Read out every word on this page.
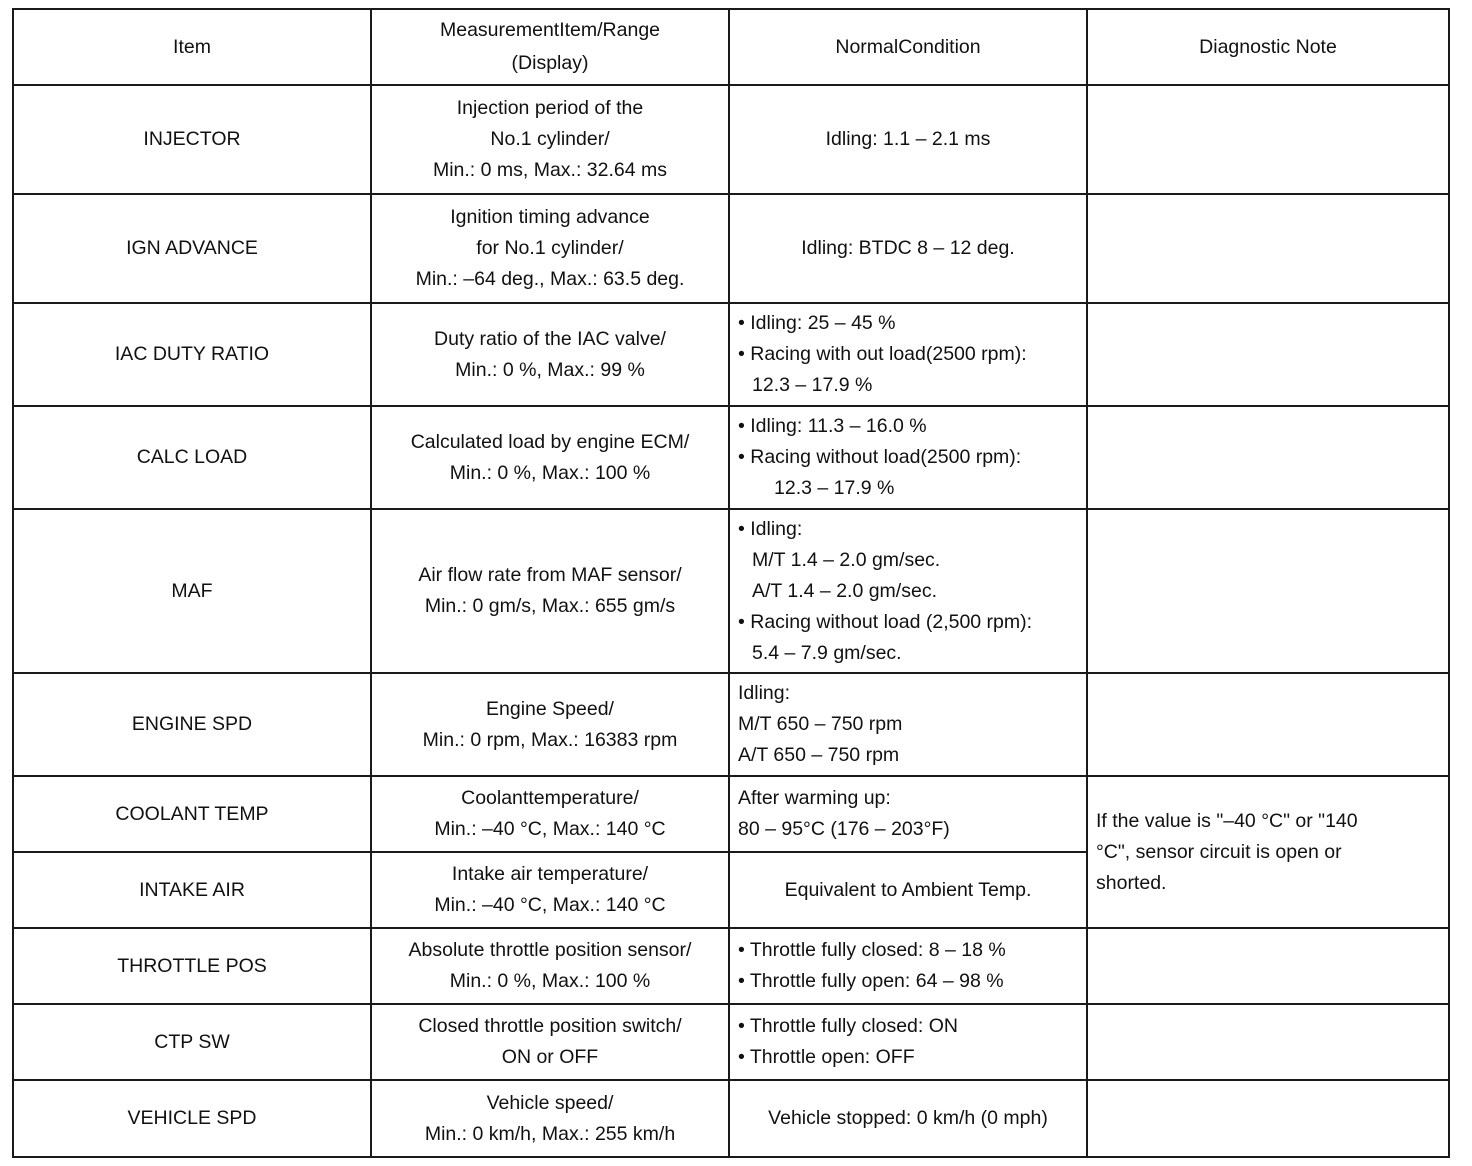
Item	MeasurementItem/Range (Display)	NormalCondition	Diagnostic Note
INJECTOR	Injection period of the
No.1 cylinder/
Min.: 0 ms, Max.: 32.64 ms	Idling: 1.1 – 2.1 ms	

IGN ADVANCE	Ignition timing advance
for No.1 cylinder/
Min.: –64 deg., Max.: 63.5 deg.	Idling: BTDC 8 – 12 deg.	

IAC DUTY RATIO	Duty ratio of the IAC valve/
Min.: 0 %, Max.: 99 %	• Idling: 25 – 45 %
• Racing with out load(2500 rpm):
12.3 – 17.9 %	

CALC LOAD	Calculated load by engine ECM/
Min.: 0 %, Max.: 100 %	• Idling: 11.3 – 16.0 %
• Racing without load(2500 rpm):
12.3 – 17.9 %	

MAF	Air flow rate from MAF sensor/
Min.: 0 gm/s, Max.: 655 gm/s	• Idling:
M/T 1.4 – 2.0 gm/sec.
A/T 1.4 – 2.0 gm/sec.
• Racing without load (2,500 rpm):
5.4 – 7.9 gm/sec.	

ENGINE SPD	Engine Speed/
Min.: 0 rpm, Max.: 16383 rpm	Idling:
M/T 650 – 750 rpm
A/T 650 – 750 rpm	

COOLANT TEMP	Coolanttemperature/
Min.: –40 °C, Max.: 140 °C	After warming up:
80 – 95°C (176 – 203°F)	If the value is "–40 °C" or "140
°C", sensor circuit is open or
shorted.

INTAKE AIR	Intake air temperature/
Min.: –40 °C, Max.: 140 °C	Equivalent to Ambient Temp.	

THROTTLE POS	Absolute throttle position sensor/
Min.: 0 %, Max.: 100 %	• Throttle fully closed: 8 – 18 %
• Throttle fully open: 64 – 98 %	

CTP SW	Closed throttle position switch/
ON or OFF	• Throttle fully closed: ON
• Throttle open: OFF	

VEHICLE SPD	Vehicle speed/
Min.: 0 km/h, Max.: 255 km/h	Vehicle stopped: 0 km/h (0 mph)	
